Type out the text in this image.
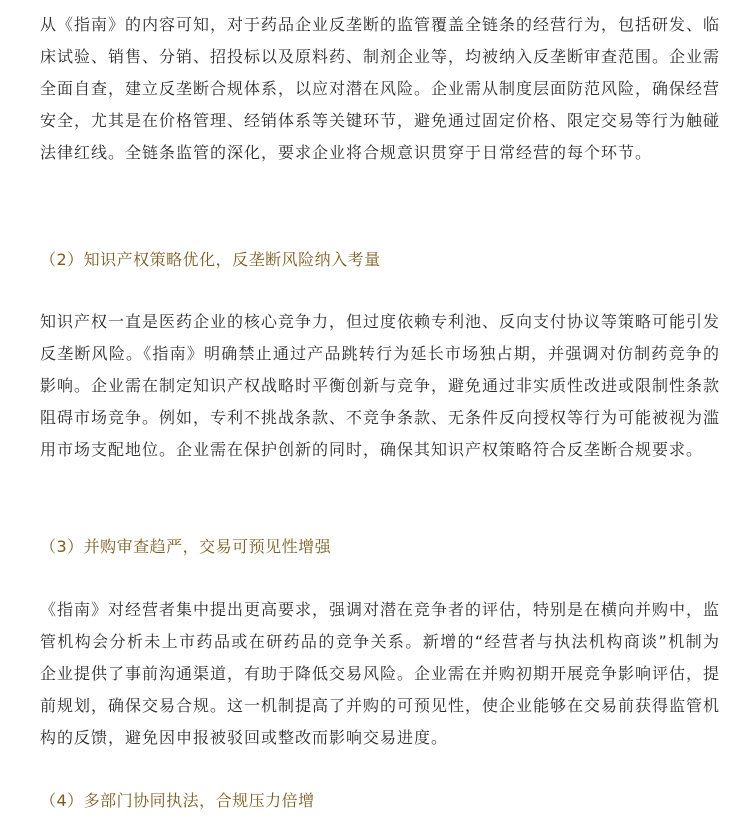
从《指南》的内容可知，对于药品企业反垄断的监管覆盖全链条的经营行为，包括研发、临床试验、销售、分销、招投标以及原料药、制剂企业等，均被纳入反垄断审查范围。企业需全面自查，建立反垄断合规体系，以应对潜在风险。企业需从制度层面防范风险，确保经营安全，尤其是在价格管理、经销体系等关键环节，避免通过固定价格、限定交易等行为触碰法律红线。全链条监管的深化，要求企业将合规意识贯穿于日常经营的每个环节。

（2）知识产权策略优化，反垄断风险纳入考量

知识产权一直是医药企业的核心竞争力，但过度依赖专利池、反向支付协议等策略可能引发反垄断风险。《指南》明确禁止通过产品跳转行为延长市场独占期，并强调对仿制药竞争的影响。企业需在制定知识产权战略时平衡创新与竞争，避免通过非实质性改进或限制性条款阻碍市场竞争。例如，专利不挑战条款、不竞争条款、无条件反向授权等行为可能被视为滥用市场支配地位。企业需在保护创新的同时，确保其知识产权策略符合反垄断合规要求。

（3）并购审查趋严，交易可预见性增强

《指南》对经营者集中提出更高要求，强调对潜在竞争者的评估，特别是在横向并购中，监管机构会分析未上市药品或在研药品的竞争关系。新增的“经营者与执法机构商谈”机制为企业提供了事前沟通渠道，有助于降低交易风险。企业需在并购初期开展竞争影响评估，提前规划，确保交易合规。这一机制提高了并购的可预见性，使企业能够在交易前获得监管机构的反馈，避免因申报被驳回或整改而影响交易进度。

（4）多部门协同执法，合规压力倍增
